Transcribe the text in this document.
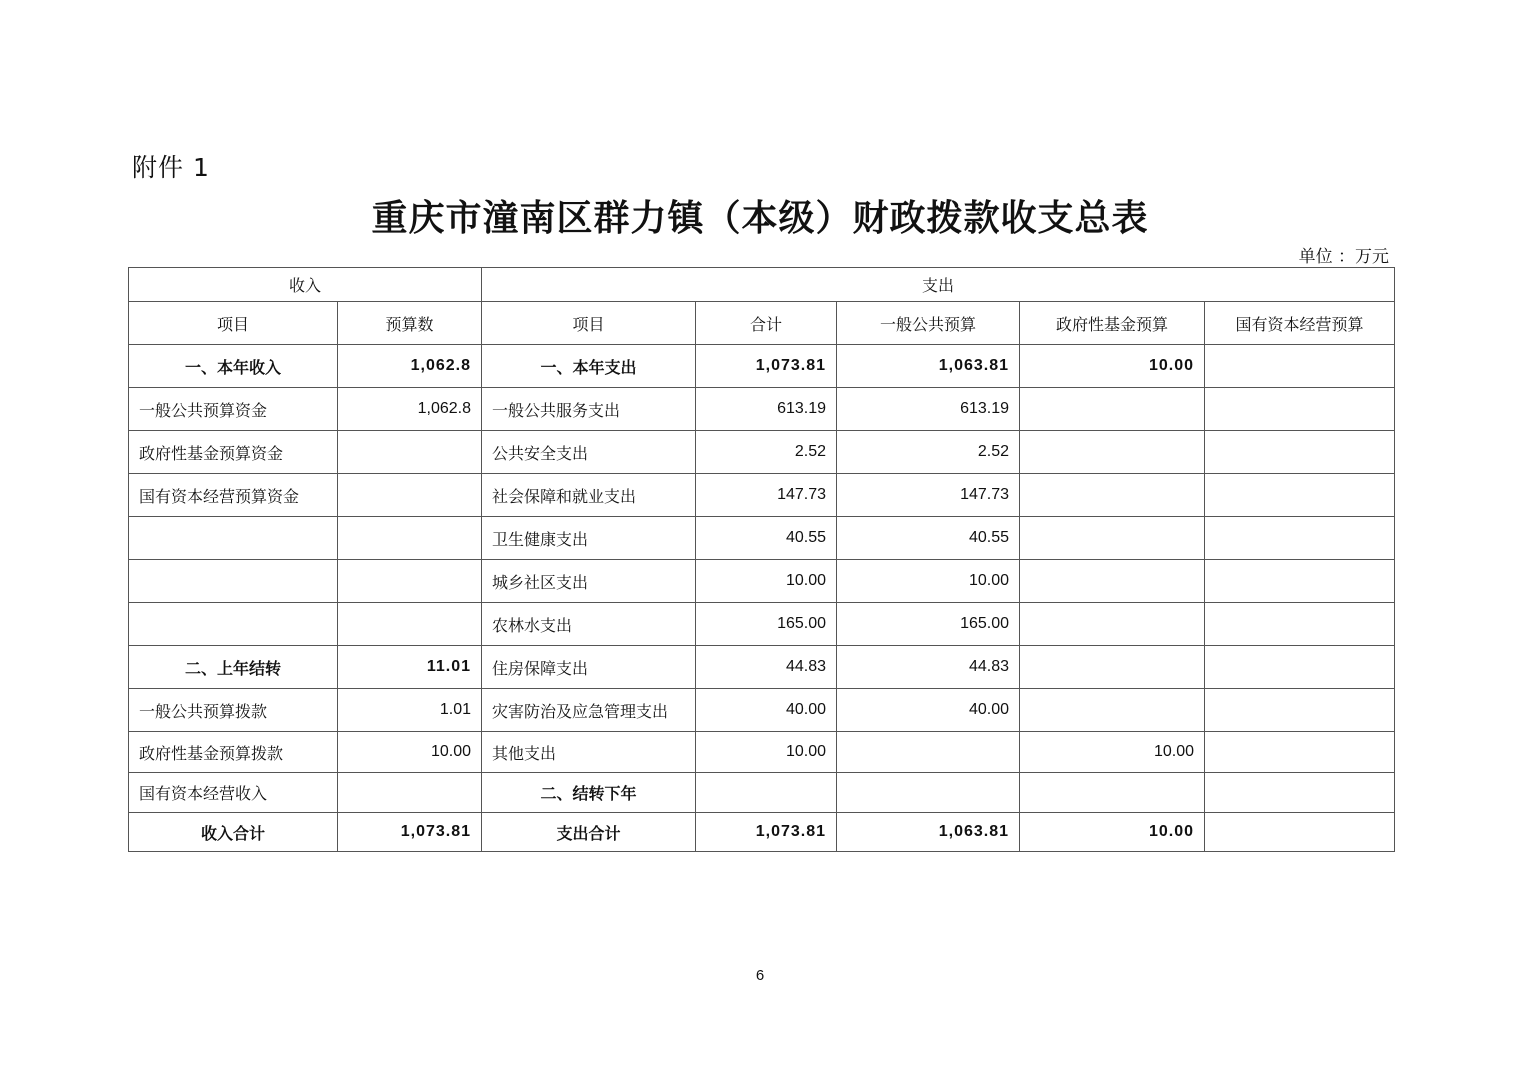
附件 1
重庆市潼南区群力镇（本级）财政拨款收支总表
单位 ：万元
收入		支出				
项目	预算数	项目	合计	一般公共预算	政府性基金预算	国有资本经营预算
一、本年收入	1,062.8	一、本年支出	1,073.81	1,063.81	10.00	
一般公共预算资金	1,062.8	一般公共服务支出	613.19	613.19		
政府性基金预算资金		公共安全支出	2.52	2.52		
国有资本经营预算资金		社会保障和就业支出	147.73	147.73		
		卫生健康支出	40.55	40.55		
		城乡社区支出	10.00	10.00		
		农林水支出	165.00	165.00		
二、上年结转	11.01	住房保障支出	44.83	44.83		
一般公共预算拨款	1.01	灾害防治及应急管理支出	40.00	40.00		
政府性基金预算拨款	10.00	其他支出	10.00		10.00	
国有资本经营收入		二、结转下年				
收入合计	1,073.81	支出合计	1,073.81	1,063.81	10.00	
6
